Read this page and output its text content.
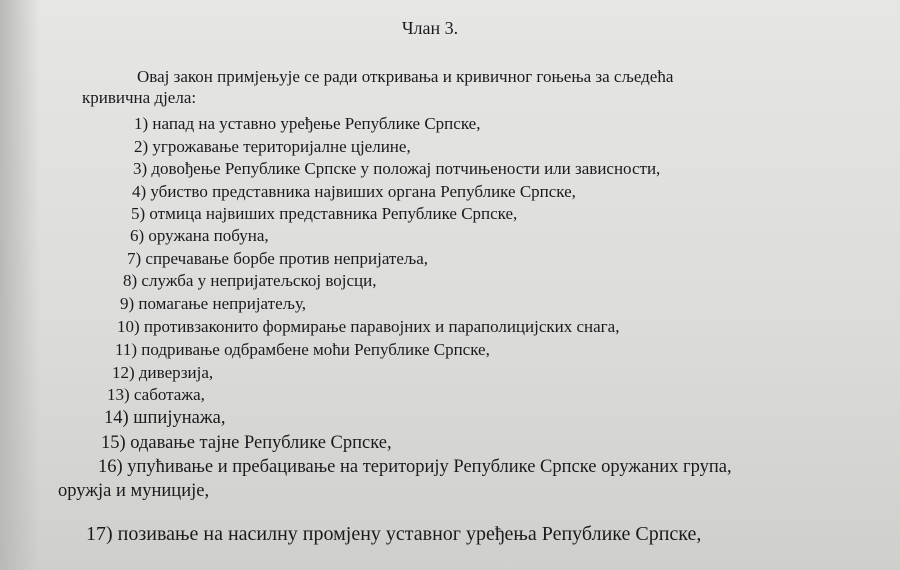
Члан 3.
Овај закон примјењује се ради откривања и кривичног гоњења за сљедећа
кривична дјела:
1) напад на уставно уређење Републике Српске,
2) угрожавање територијалне цјелине,
3) довођење Републике Српске у положај потчињености или зависности,
4) убиство представника највиших органа Републике Српске,
5) отмица највиших представника Републике Српске,
6) оружана побуна,
7) спречавање борбе против непријатеља,
8) служба у непријатељској војсци,
9) помагање непријатељу,
10) противзаконито формирање паравојних и параполицијских снага,
11) подривање одбрамбене моћи Републике Српске,
12) диверзија,
13) саботажа,
14) шпијунажа,
15) одавање тајне Републике Српске,
16) упућивање и пребацивање на територију Републике Српске оружаних група,
оружја и муниције,
17) позивање на насилну промјену уставног уређења Републике Српске,
